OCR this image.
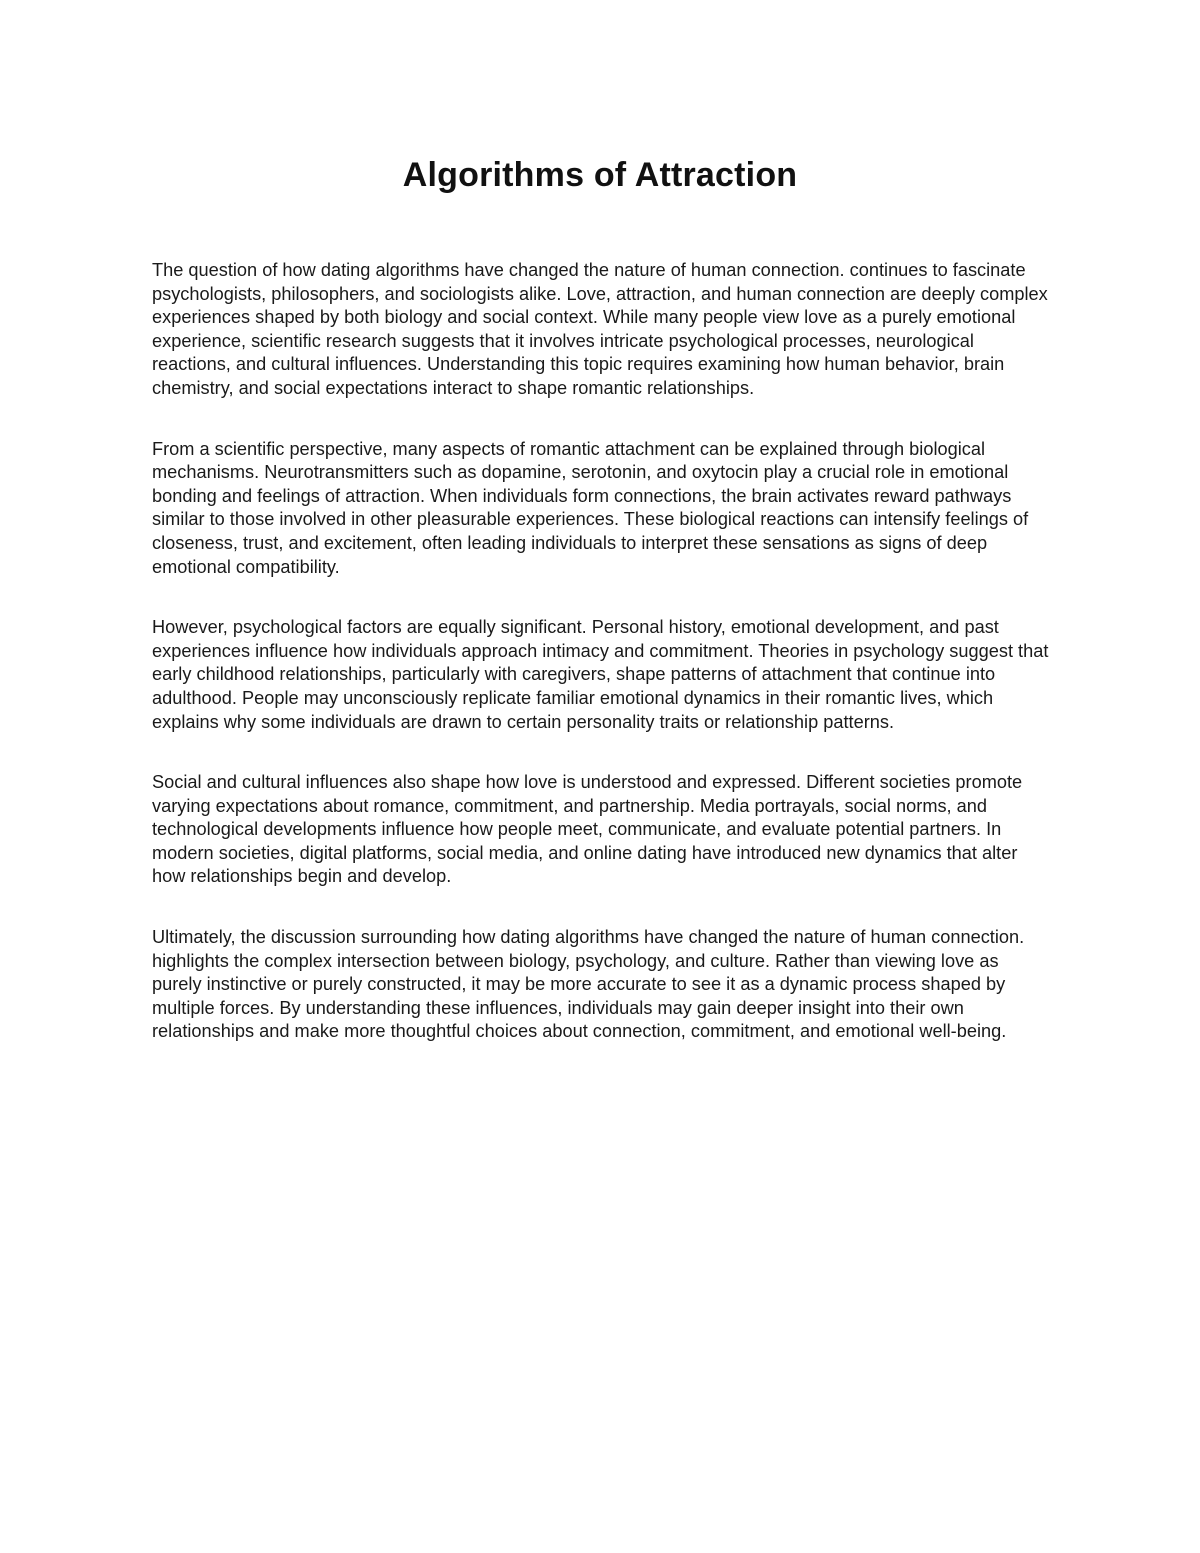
Algorithms of Attraction

The question of how dating algorithms have changed the nature of human connection. continues to fascinate psychologists, philosophers, and sociologists alike. Love, attraction, and human connection are deeply complex experiences shaped by both biology and social context. While many people view love as a purely emotional experience, scientific research suggests that it involves intricate psychological processes, neurological reactions, and cultural influences. Understanding this topic requires examining how human behavior, brain chemistry, and social expectations interact to shape romantic relationships.

From a scientific perspective, many aspects of romantic attachment can be explained through biological mechanisms. Neurotransmitters such as dopamine, serotonin, and oxytocin play a crucial role in emotional bonding and feelings of attraction. When individuals form connections, the brain activates reward pathways similar to those involved in other pleasurable experiences. These biological reactions can intensify feelings of closeness, trust, and excitement, often leading individuals to interpret these sensations as signs of deep emotional compatibility.

However, psychological factors are equally significant. Personal history, emotional development, and past experiences influence how individuals approach intimacy and commitment. Theories in psychology suggest that early childhood relationships, particularly with caregivers, shape patterns of attachment that continue into adulthood. People may unconsciously replicate familiar emotional dynamics in their romantic lives, which explains why some individuals are drawn to certain personality traits or relationship patterns.

Social and cultural influences also shape how love is understood and expressed. Different societies promote varying expectations about romance, commitment, and partnership. Media portrayals, social norms, and technological developments influence how people meet, communicate, and evaluate potential partners. In modern societies, digital platforms, social media, and online dating have introduced new dynamics that alter how relationships begin and develop.

Ultimately, the discussion surrounding how dating algorithms have changed the nature of human connection. highlights the complex intersection between biology, psychology, and culture. Rather than viewing love as purely instinctive or purely constructed, it may be more accurate to see it as a dynamic process shaped by multiple forces. By understanding these influences, individuals may gain deeper insight into their own relationships and make more thoughtful choices about connection, commitment, and emotional well-being.
